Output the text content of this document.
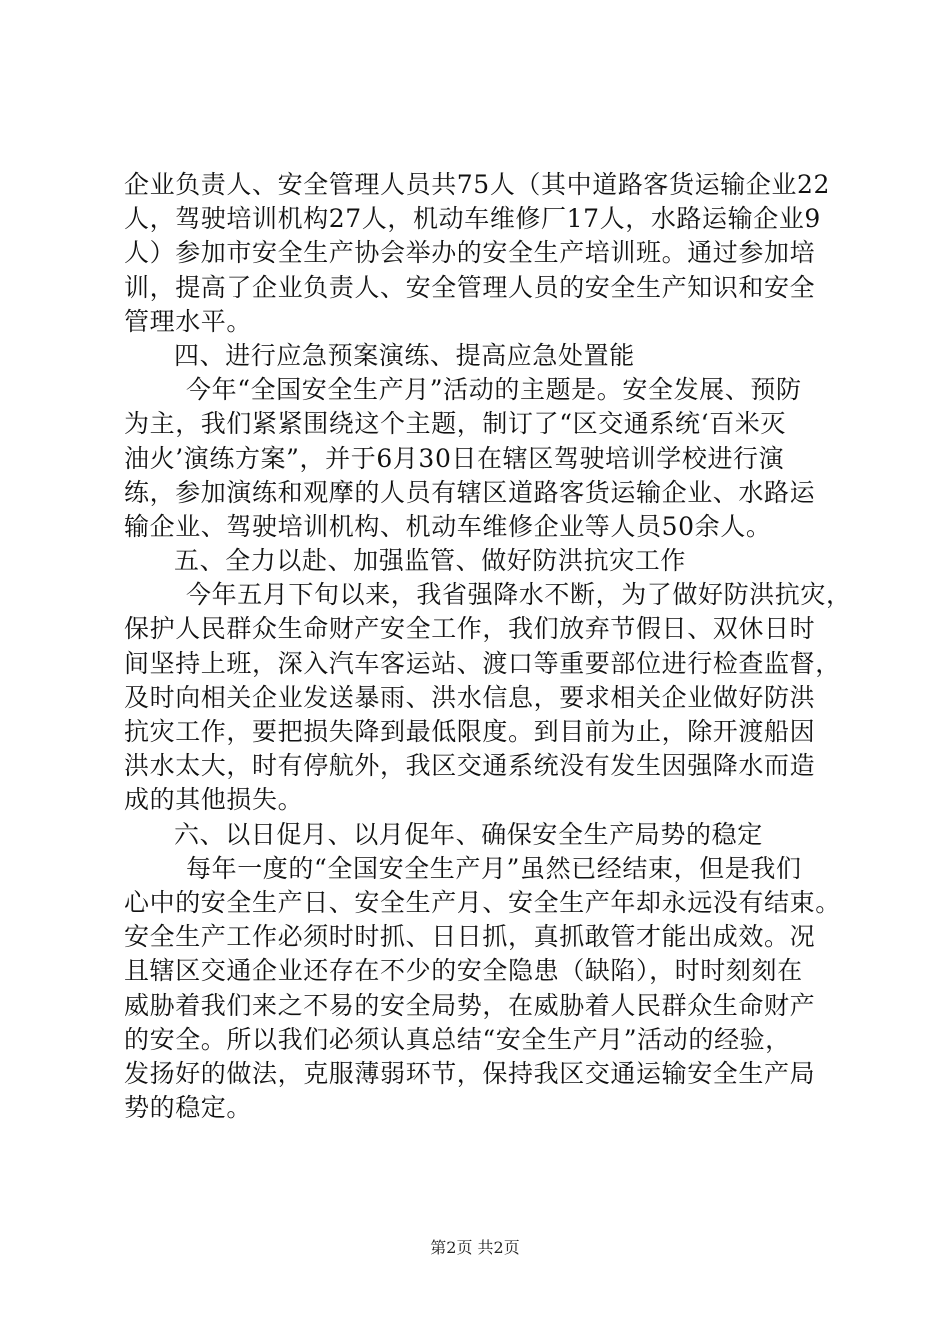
企业负责人、安全管理人员共75人（其中道路客货运输企业22
人，驾驶培训机构27人，机动车维修厂17人，水路运输企业9
人）参加市安全生产协会举办的安全生产培训班。通过参加培
训，提高了企业负责人、安全管理人员的安全生产知识和安全
管理水平。
四、进行应急预案演练、提高应急处置能
今年“全国安全生产月”活动的主题是。安全发展、预防
为主，我们紧紧围绕这个主题，制订了“区交通系统‘百米灭
油火’演练方案”，并于6月30日在辖区驾驶培训学校进行演
练，参加演练和观摩的人员有辖区道路客货运输企业、水路运
输企业、驾驶培训机构、机动车维修企业等人员50余人。
五、全力以赴、加强监管、做好防洪抗灾工作
今年五月下旬以来，我省强降水不断，为了做好防洪抗灾，
保护人民群众生命财产安全工作，我们放弃节假日、双休日时
间坚持上班，深入汽车客运站、渡口等重要部位进行检查监督，
及时向相关企业发送暴雨、洪水信息，要求相关企业做好防洪
抗灾工作，要把损失降到最低限度。到目前为止，除开渡船因
洪水太大，时有停航外，我区交通系统没有发生因强降水而造
成的其他损失。
六、以日促月、以月促年、确保安全生产局势的稳定
每年一度的“全国安全生产月”虽然已经结束，但是我们
心中的安全生产日、安全生产月、安全生产年却永远没有结束。
安全生产工作必须时时抓、日日抓，真抓敢管才能出成效。况
且辖区交通企业还存在不少的安全隐患（缺陷），时时刻刻在
威胁着我们来之不易的安全局势，在威胁着人民群众生命财产
的安全。所以我们必须认真总结“安全生产月”活动的经验，
发扬好的做法，克服薄弱环节，保持我区交通运输安全生产局
势的稳定。
第2页 共2页
